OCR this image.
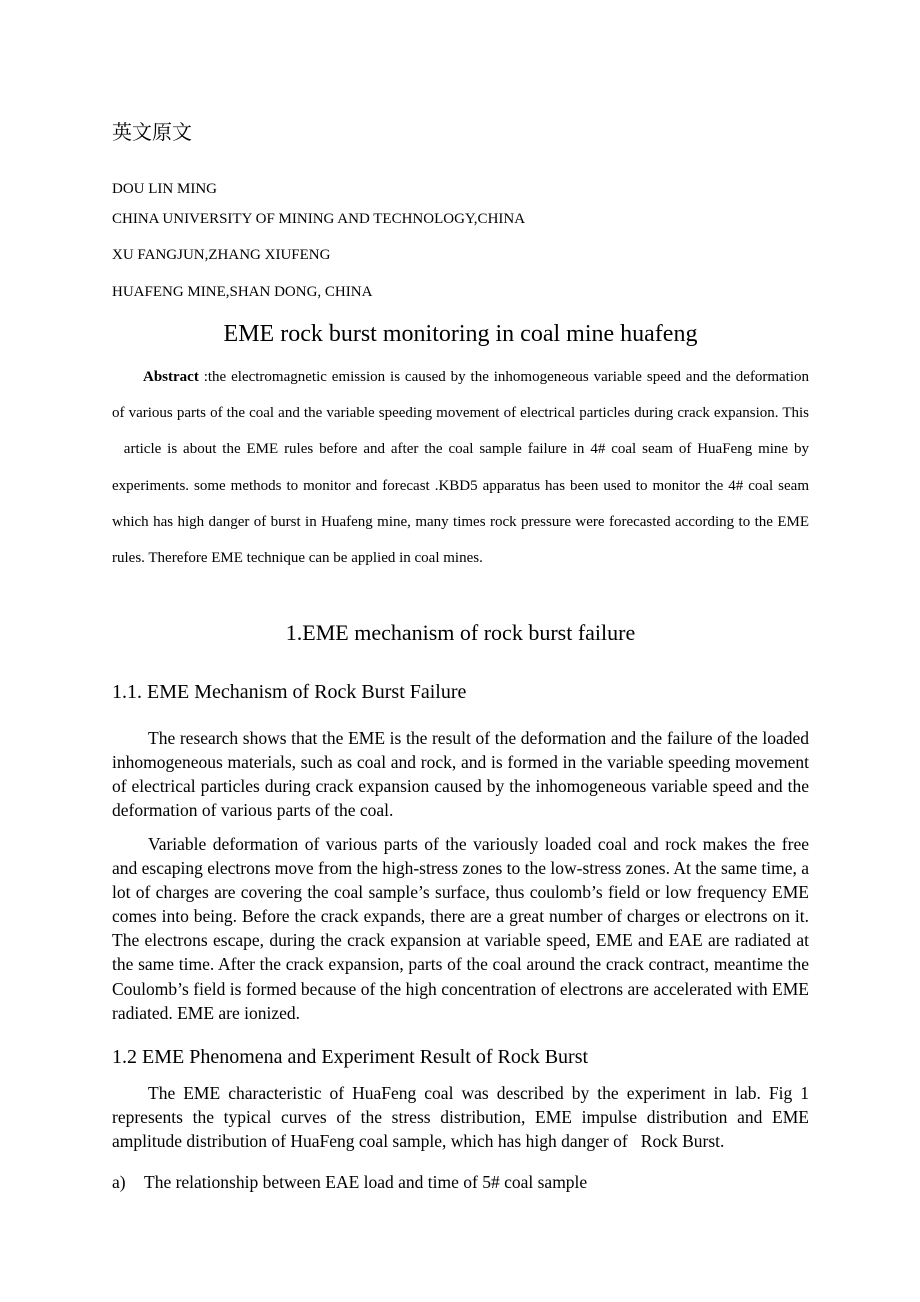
英文原文
DOU LIN MING
CHINA UNIVERSITY OF MINING AND TECHNOLOGY,CHINA
XU FANGJUN,ZHANG XIUFENG
HUAFENG MINE,SHAN DONG, CHINA
EME rock burst monitoring in coal mine huafeng
Abstract :the electromagnetic emission is caused by the inhomogeneous variable speed and the deformation of various parts of the coal and the variable speeding movement of electrical particles during crack expansion. This   article is about the EME rules before and after the coal sample failure in 4# coal seam of HuaFeng mine by experiments. some methods to monitor and forecast .KBD5 apparatus has been used to monitor the 4# coal seam which has high danger of burst in Huafeng mine, many times rock pressure were forecasted according to the EME rules. Therefore EME technique can be applied in coal mines.
1.EME mechanism of rock burst failure
1.1. EME Mechanism of Rock Burst Failure
The research shows that the EME is the result of the deformation and the failure of the loaded inhomogeneous materials, such as coal and rock, and is formed in the variable speeding movement of electrical particles during crack expansion caused by the inhomogeneous variable speed and the deformation of various parts of the coal.
Variable deformation of various parts of the variously loaded coal and rock makes the free and escaping electrons move from the high-stress zones to the low-stress zones. At the same time, a lot of charges are covering the coal sample’s surface, thus coulomb’s field or low frequency EME comes into being. Before the crack expands, there are a great number of charges or electrons on it. The electrons escape, during the crack expansion at variable speed, EME and EAE are radiated at the same time. After the crack expansion, parts of the coal around the crack contract, meantime the Coulomb’s field is formed because of the high concentration of electrons are accelerated with EME radiated. EME are ionized.
1.2 EME Phenomena and Experiment Result of Rock Burst
The EME characteristic of HuaFeng coal was described by the experiment in lab. Fig 1 represents the typical curves of the stress distribution, EME impulse distribution and EME amplitude distribution of HuaFeng coal sample, which has high danger of   Rock Burst.
a) The relationship between EAE load and time of 5# coal sample
